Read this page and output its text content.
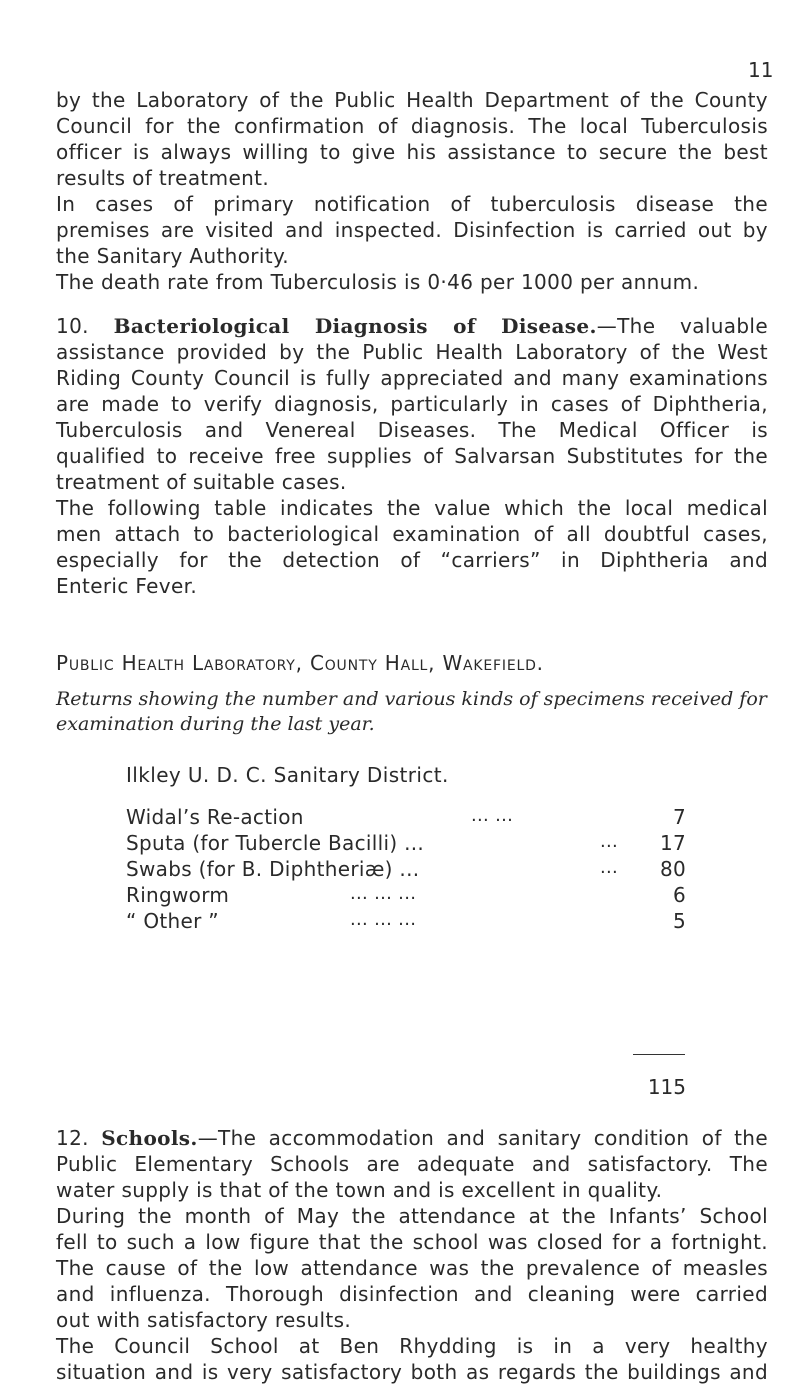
11
by the Laboratory of the Public Health Department of the County
Council for the confirmation of diagnosis. The local Tuberculosis
officer is always willing to give his assistance to secure the best
results of treatment.
In cases of primary notification of tuberculosis disease the
premises are visited and inspected. Disinfection is carried out by
the Sanitary Authority.
The death rate from Tuberculosis is 0·46 per 1000 per annum.
10. Bacteriological Diagnosis of Disease.—The valuable
assistance provided by the Public Health Laboratory of the West
Riding County Council is fully appreciated and many examinations
are made to verify diagnosis, particularly in cases of Diphtheria,
Tuberculosis and Venereal Diseases. The Medical Officer is
qualified to receive free supplies of Salvarsan Substitutes for the
treatment of suitable cases.
The following table indicates the value which the local medical
men attach to bacteriological examination of all doubtful cases,
especially for the detection of “carriers” in Diphtheria and
Enteric Fever.
Public Health Laboratory, County Hall, Wakefield.
Returns showing the number and various kinds of specimens received for
examination during the last year.
Ilkley U. D. C. Sanitary District.
Widal’s Re-action	... ...	7
Sputa (for Tubercle Bacilli) ...	... 17
Swabs (for B. Diphtheriæ) ...	... 80
Ringworm	... ... ...	6
“ Other ”	... ... ...	5
115
12. Schools.—The accommodation and sanitary condition of the
Public Elementary Schools are adequate and satisfactory. The
water supply is that of the town and is excellent in quality.
During the month of May the attendance at the Infants’ School
fell to such a low figure that the school was closed for a fortnight.
The cause of the low attendance was the prevalence of measles
and influenza. Thorough disinfection and cleaning were carried
out with satisfactory results.
The Council School at Ben Rhydding is in a very healthy
situation and is very satisfactory both as regards the buildings and
